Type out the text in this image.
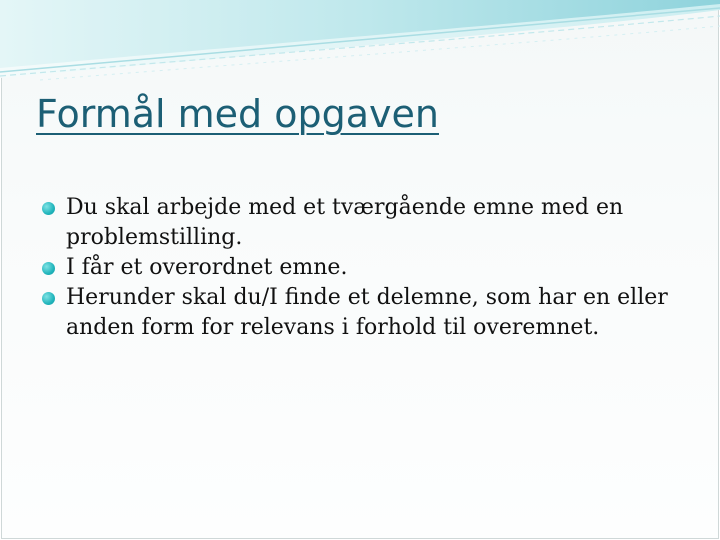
Formål med opgaven
Du skal arbejde med et tværgående emne med en problemstilling.
I får et overordnet emne.
Herunder skal du/I finde et delemne, som har en eller anden form for relevans i forhold til overemnet.
